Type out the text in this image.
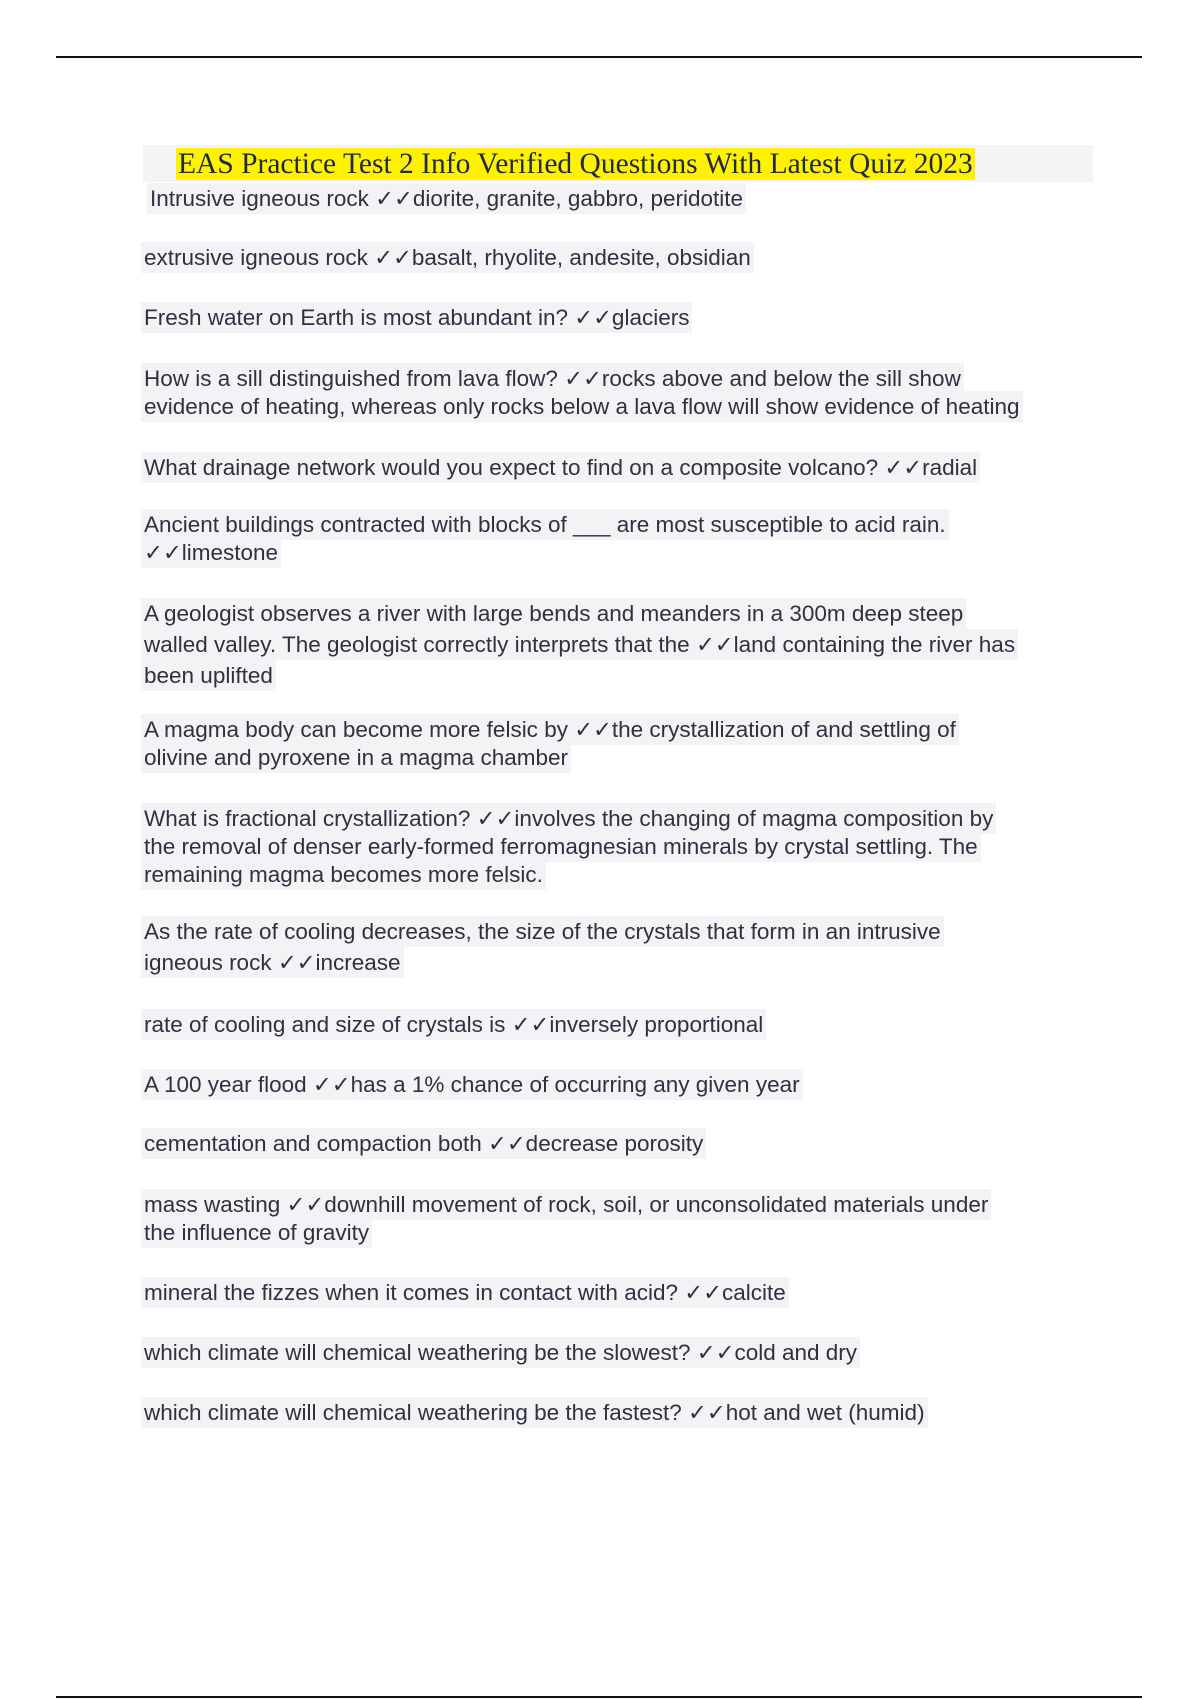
EAS Practice Test 2 Info Verified Questions With Latest Quiz 2023
Intrusive igneous rock ✓✓diorite, granite, gabbro, peridotite
extrusive igneous rock ✓✓basalt, rhyolite, andesite, obsidian
Fresh water on Earth is most abundant in? ✓✓glaciers
How is a sill distinguished from lava flow? ✓✓rocks above and below the sill show
evidence of heating, whereas only rocks below a lava flow will show evidence of heating
What drainage network would you expect to find on a composite volcano? ✓✓radial
Ancient buildings contracted with blocks of ___ are most susceptible to acid rain.
✓✓limestone
A geologist observes a river with large bends and meanders in a 300m deep steep
walled valley. The geologist correctly interprets that the ✓✓land containing the river has
been uplifted
A magma body can become more felsic by ✓✓the crystallization of and settling of
olivine and pyroxene in a magma chamber
What is fractional crystallization? ✓✓involves the changing of magma composition by
the removal of denser early-formed ferromagnesian minerals by crystal settling. The
remaining magma becomes more felsic.
As the rate of cooling decreases, the size of the crystals that form in an intrusive
igneous rock ✓✓increase
rate of cooling and size of crystals is ✓✓inversely proportional
A 100 year flood ✓✓has a 1% chance of occurring any given year
cementation and compaction both ✓✓decrease porosity
mass wasting ✓✓downhill movement of rock, soil, or unconsolidated materials under
the influence of gravity
mineral the fizzes when it comes in contact with acid? ✓✓calcite
which climate will chemical weathering be the slowest? ✓✓cold and dry
which climate will chemical weathering be the fastest? ✓✓hot and wet (humid)
